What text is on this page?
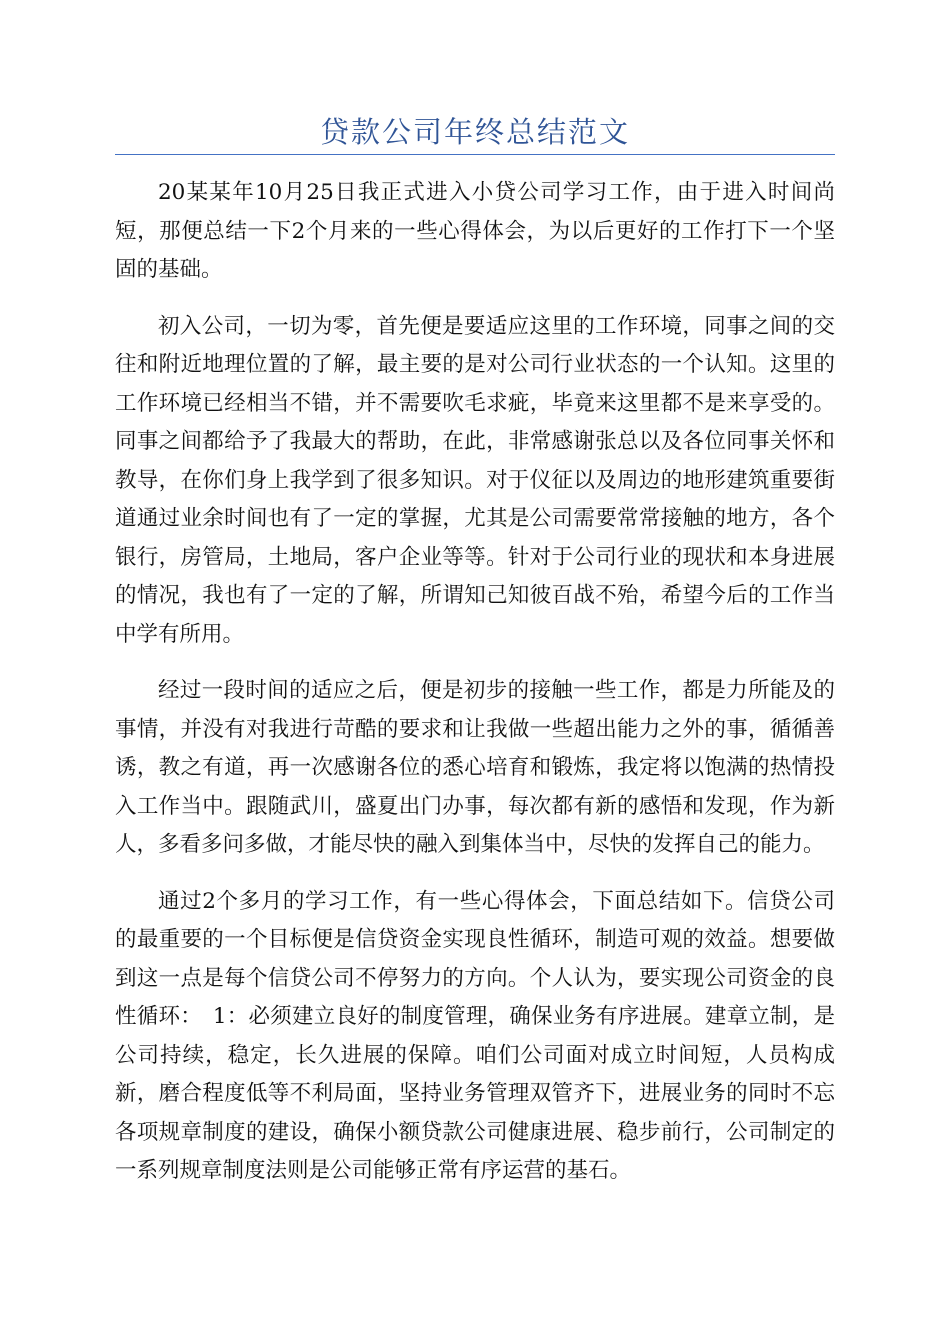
贷款公司年终总结范文

20某某年10月25日我正式进入小贷公司学习工作，由于进入时间尚短，那便总结一下2个月来的一些心得体会，为以后更好的工作打下一个坚固的基础。

初入公司，一切为零，首先便是要适应这里的工作环境，同事之间的交往和附近地理位置的了解，最主要的是对公司行业状态的一个认知。这里的工作环境已经相当不错，并不需要吹毛求疵，毕竟来这里都不是来享受的。同事之间都给予了我最大的帮助，在此，非常感谢张总以及各位同事关怀和教导，在你们身上我学到了很多知识。对于仪征以及周边的地形建筑重要街道通过业余时间也有了一定的掌握，尤其是公司需要常常接触的地方，各个银行，房管局，土地局，客户企业等等。针对于公司行业的现状和本身进展的情况，我也有了一定的了解，所谓知己知彼百战不殆，希望今后的工作当中学有所用。

经过一段时间的适应之后，便是初步的接触一些工作，都是力所能及的事情，并没有对我进行苛酷的要求和让我做一些超出能力之外的事，循循善诱，教之有道，再一次感谢各位的悉心培育和锻炼，我定将以饱满的热情投入工作当中。跟随武川，盛夏出门办事，每次都有新的感悟和发现，作为新人，多看多问多做，才能尽快的融入到集体当中，尽快的发挥自己的能力。

通过2个多月的学习工作，有一些心得体会，下面总结如下。信贷公司的最重要的一个目标便是信贷资金实现良性循环，制造可观的效益。想要做到这一点是每个信贷公司不停努力的方向。个人认为，要实现公司资金的良性循环：　1：必须建立良好的制度管理，确保业务有序进展。建章立制，是公司持续，稳定，长久进展的保障。咱们公司面对成立时间短，人员构成新，磨合程度低等不利局面，坚持业务管理双管齐下，进展业务的同时不忘各项规章制度的建设，确保小额贷款公司健康进展、稳步前行，公司制定的一系列规章制度法则是公司能够正常有序运营的基石。
